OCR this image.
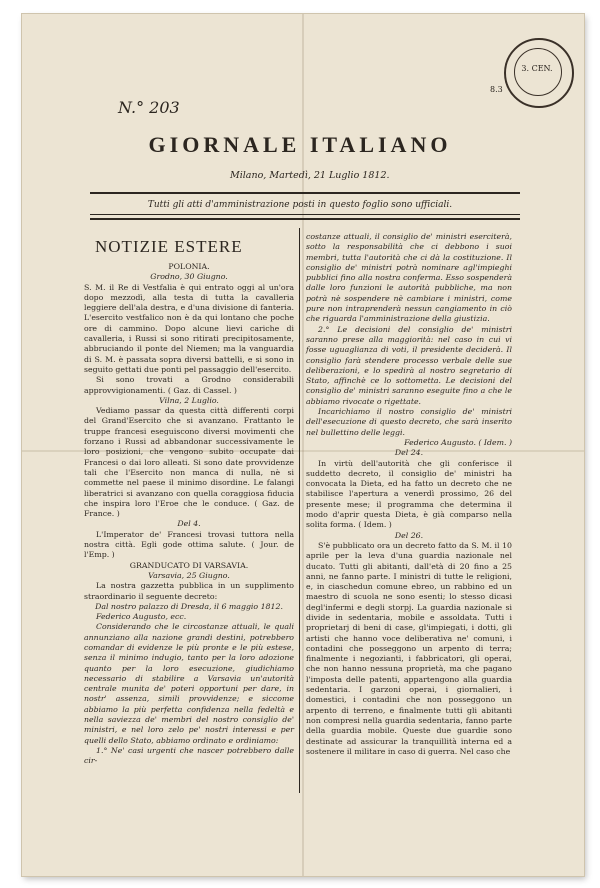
3. CEN.
8.3
N.° 203
GIORNALE ITALIANO
Milano, Martedì, 21 Luglio 1812.
Tutti gli atti d'amministrazione posti in questo foglio sono ufficiali.
NOTIZIE ESTERE

POLONIA.

Grodno, 30 Giugno.

S. M. il Re di Vestfalia è qui entrato oggi al un'ora dopo mezzodì, alla testa di tutta la cavalleria leggiere dell'ala destra, e d'una divisione di fanteria. L'esercito vestfalico non è da qui lontano che poche ore di cammino. Dopo alcune lievi cariche di cavalleria, i Russi si sono ritirati precipitosamente, abbruciando il ponte del Niemen; ma la vanguardia di S. M. è passata sopra diversi battelli, e si sono in seguito gettati due ponti pel passaggio dell'esercito.

Si sono trovati a Grodno considerabili approvvigionamenti. ( Gaz. di Cassel. )

Vilna, 2 Luglio.

Vediamo passar da questa città differenti corpi del Grand'Esercito che si avanzano. Frattanto le truppe francesi eseguiscono diversi movimenti che forzano i Russi ad abbandonar successivamente le loro posizioni, che vengono subito occupate dai Francesi o dai loro alleati. Si sono date provvidenze tali che l'Esercito non manca di nulla, nè si commette nel paese il minimo disordine. Le falangi liberatrici si avanzano con quella coraggiosa fiducia che inspira loro l'Eroe che le conduce. ( Gaz. de France. )

Del 4.

L'Imperator de' Francesi trovasi tuttora nella nostra città. Egli gode ottima salute. ( Jour. de l'Emp. )

GRANDUCATO DI VARSAVIA.

Varsavia, 25 Giugno.

La nostra gazzetta pubblica in un supplimento straordinario il seguente decreto:

Dal nostro palazzo di Dresda, il 6 maggio 1812.

Federico Augusto, ecc.

Considerando che le circostanze attuali, le quali annunziano alla nazione grandi destini, potrebbero comandar di evidenze le più pronte e le più estese, senza il minimo indugio, tanto per la loro adozione quanto per la loro esecuzione, giudichiamo necessario di stabilire a Varsavia un'autorità centrale munita de' poteri opportuni per dare, in nostr' assenza, simili provvidenze; e siccome abbiamo la più perfetta confidenza nella fedeltà e nella saviezza de' membri del nostro consiglio de' ministri, e nel loro zelo pe' nostri interessi e per quelli dello Stato, abbiamo ordinato e ordiniamo:

1.° Ne' casi urgenti che nascer potrebbero dalle cir-

costanze attuali, il consiglio de' ministri eserciterà, sotto la responsabilità che ci debbono i suoi membri, tutta l'autorità che ci dà la costituzione. Il consiglio de' ministri potrà nominare agl'impieghi pubblici fino alla nostra conferma. Esso sospenderà dalle loro funzioni le autorità pubbliche, ma non potrà nè sospendere nè cambiare i ministri, come pure non intraprenderà nessun cangiamento in ciò che riguarda l'amministrazione della giustizia.

2.° Le decisioni del consiglio de' ministri saranno prese alla maggiorità: nel caso in cui vi fosse uguaglianza di voti, il presidente deciderà. Il consiglio farà stendere processo verbale delle sue deliberazioni, e lo spedirà al nostro segretario di Stato, affinchè ce lo sottometta. Le decisioni del consiglio de' ministri saranno eseguite fino a che le abbiamo rivocate o rigettate.

Incarichiamo il nostro consiglio de' ministri dell'esecuzione di questo decreto, che sarà inserito nel bullettino delle leggi.

Federico Augusto. ( Idem. )

Del 24.

In virtù dell'autorità che gli conferisce il suddetto decreto, il consiglio de' ministri ha convocata la Dieta, ed ha fatto un decreto che ne stabilisce l'apertura a venerdì prossimo, 26 del presente mese; il programma che determina il modo d'aprir questa Dieta, è già comparso nella solita forma. ( Idem. )

Del 26.

S'è pubblicato ora un decreto fatto da S. M. il 10 aprile per la leva d'una guardia nazionale nel ducato. Tutti gli abitanti, dall'età di 20 fino a 25 anni, ne fanno parte. I ministri di tutte le religioni, e, in ciaschedun comune ebreo, un rabbino ed un maestro di scuola ne sono esenti; lo stesso dicasi degl'infermi e degli storpj. La guardia nazionale si divide in sedentaria, mobile e assoldata. Tutti i proprietarj di beni di case, gl'impiegati, i dotti, gli artisti che hanno voce deliberativa ne' comuni, i contadini che posseggono un arpento di terra; finalmente i negozianti, i fabbricatori, gli operai, che non hanno nessuna proprietà, ma che pagano l'imposta delle patenti, appartengono alla guardia sedentaria. I garzoni operai, i giornalieri, i domestici, i contadini che non posseggono un arpento di terreno, e finalmente tutti gli abitanti non compresi nella guardia sedentaria, fanno parte della guardia mobile. Queste due guardie sono destinate ad assicurar la tranquillità interna ed a sostenere il militare in caso di guerra. Nel caso che
